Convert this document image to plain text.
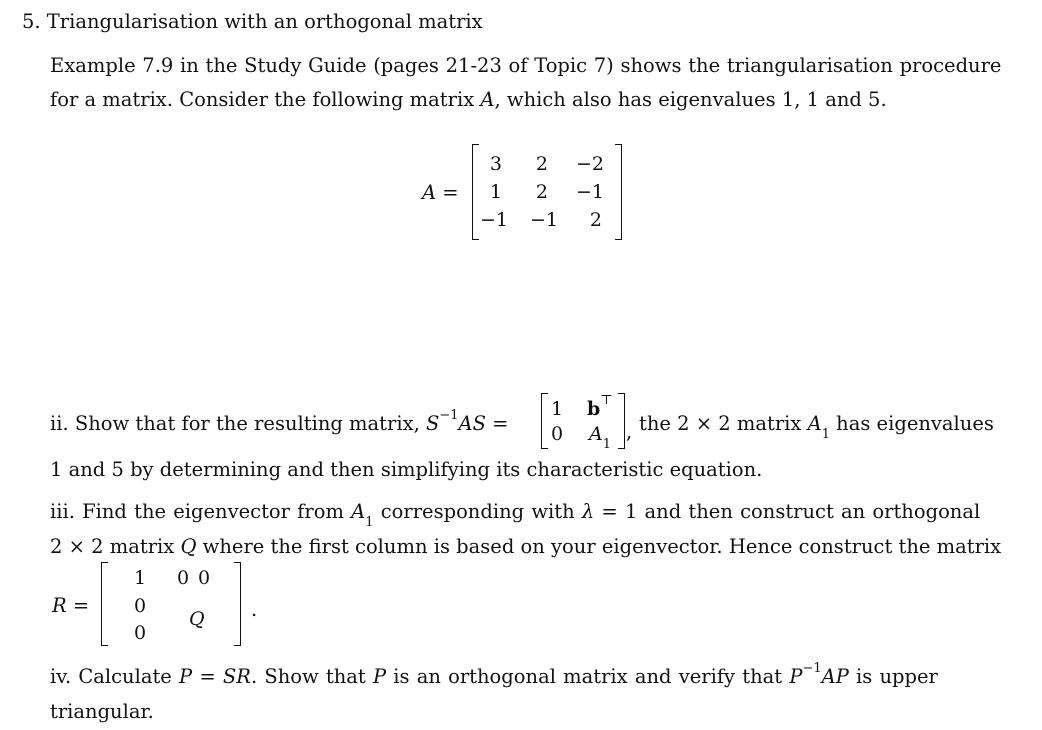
5. Triangularisation with an orthogonal matrix
Example 7.9 in the Study Guide (pages 21-23 of Topic 7) shows the triangularisation procedure
for a matrix. Consider the following matrix A, which also has eigenvalues 1, 1 and 5.
A =
3	2	−2
1	2	−1
−1	−1	2
ii. Show that for the resulting matrix, $S^{-1}AS$ =
1 b⊤
0 $A_1$
, the 2 × 2 matrix $A_1$ has eigenvalues
1 and 5 by determining and then simplifying its characteristic equation.
iii. Find the eigenvector from $A_1$ corresponding with λ = 1 and then construct an orthogonal
2 × 2 matrix Q where the first column is based on your eigenvector. Hence construct the matrix
R =
1 0 0
0
0
Q .
iv. Calculate P = SR. Show that P is an orthogonal matrix and verify that $P^{-1}AP$ is upper
triangular.
